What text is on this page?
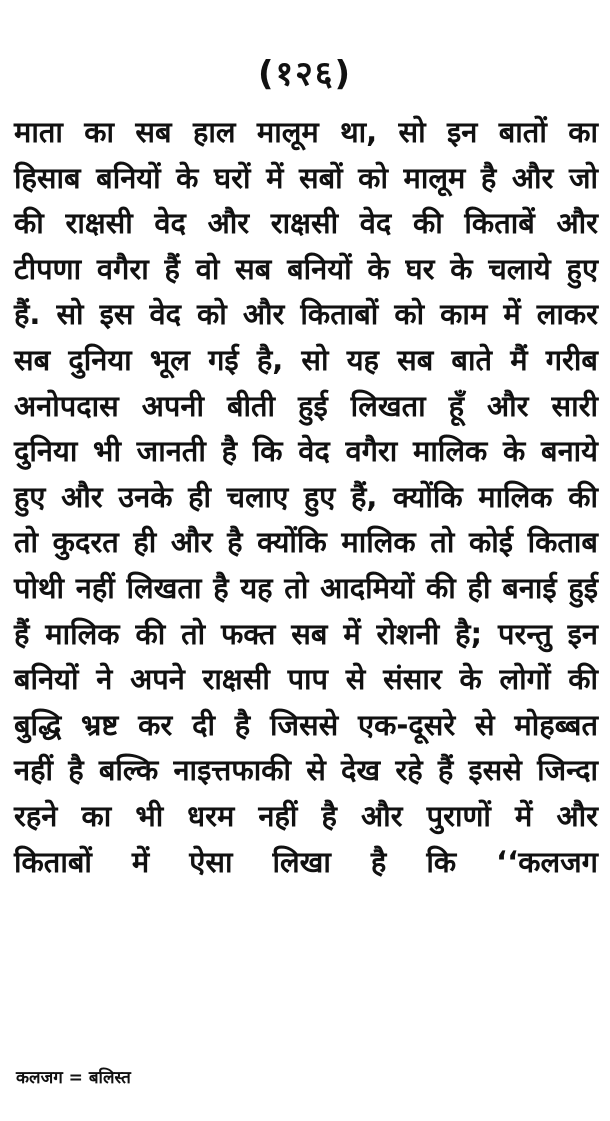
(१२६)
माता का सब हाल मालूम था, सो इन बातों का
हिसाब बनियों के घरों में सबों को मालूम है और जो
की राक्षसी वेद और राक्षसी वेद की किताबें और
टीपणा वगैरा हैं वो सब बनियों के घर के चलाये हुए
हैं. सो इस वेद को और किताबों को काम में लाकर
सब दुनिया भूल गई है, सो यह सब बाते मैं गरीब
अनोपदास अपनी बीती हुई लिखता हूँ और सारी
दुनिया भी जानती है कि वेद वगैरा मालिक के बनाये
हुए और उनके ही चलाए हुए हैं, क्योंकि मालिक की
तो कुदरत ही और है क्योंकि मालिक तो कोई किताब
पोथी नहीं लिखता है यह तो आदमियों की ही बनाई हुई
हैं मालिक की तो फक्त सब में रोशनी है; परन्तु इन
बनियों ने अपने राक्षसी पाप से संसार के लोगों की
बुद्धि भ्रष्ट कर दी है जिससे एक-दूसरे से मोहब्बत
नहीं है बल्कि नाइत्तफाकी से देख रहे हैं इससे जिन्दा
रहने का भी धरम नहीं है और पुराणों में और
किताबों में ऐसा लिखा है कि ‘‘कलजग
कलजग = बलिस्त
